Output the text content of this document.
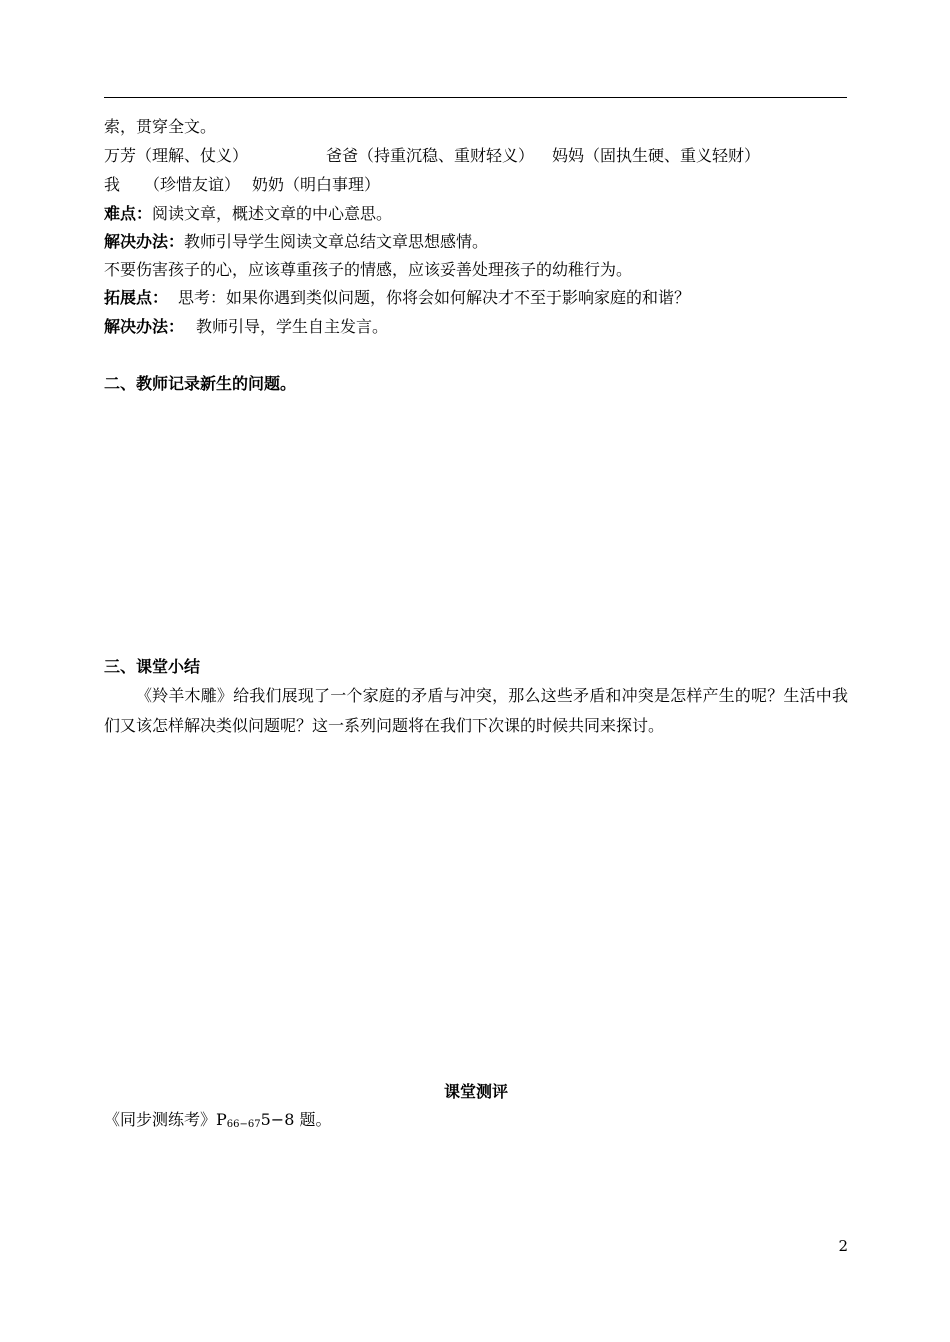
索，贯穿全文。
万芳（理解、仗义）	爸爸（持重沉稳、重财轻义） 妈妈（固执生硬、重义轻财）
我 （珍惜友谊） 奶奶（明白事理）
难点：阅读文章，概述文章的中心意思。
解决办法：教师引导学生阅读文章总结文章思想感情。
不要伤害孩子的心，应该尊重孩子的情感，应该妥善处理孩子的幼稚行为。
拓展点： 思考：如果你遇到类似问题，你将会如何解决才不至于影响家庭的和谐？
解决办法： 教师引导，学生自主发言。
二、教师记录新生的问题。
三、课堂小结
《羚羊木雕》给我们展现了一个家庭的矛盾与冲突，那么这些矛盾和冲突是怎样产生的呢？生活中我们又该怎样解决类似问题呢？这一系列问题将在我们下次课的时候共同来探讨。
课堂测评
《同步测练考》$P_{66-67}5-8$ 题。
2
